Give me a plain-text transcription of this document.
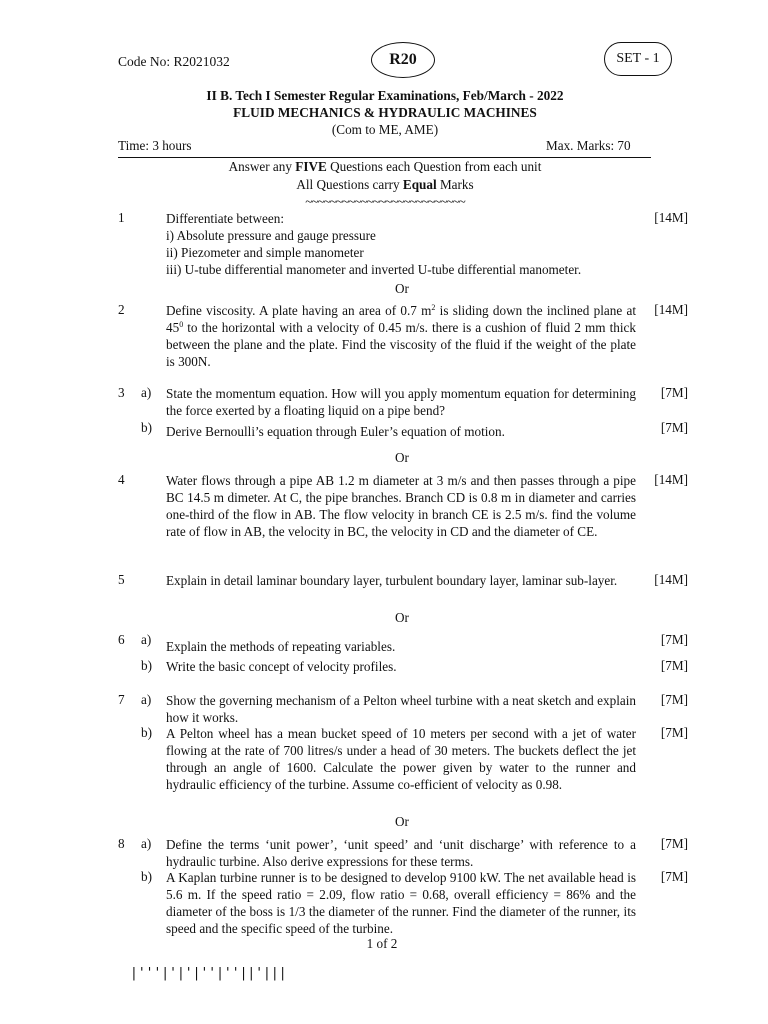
Code No: R2021032	R20	SET - 1
II B. Tech I Semester Regular Examinations, Feb/March - 2022
FLUID MECHANICS & HYDRAULIC MACHINES
(Com to ME, AME)
Time: 3 hours	Max. Marks: 70
Answer any FIVE Questions each Question from each unit
All Questions carry Equal Marks
~~~~~~~~~~~~~~~~~~~~~~~~~~
1	Differentiate between:

i) Absolute pressure and gauge pressure

ii) Piezometer and simple manometer

iii) U-tube differential manometer and inverted U-tube differential manometer.

[14M]
Or
2	Define viscosity. A plate having an area of 0.7 $m^2$ is sliding down the inclined plane at $45^0$ to the horizontal with a velocity of 0.45 m/s. there is a cushion of fluid 2 mm thick between the plane and the plate. Find the viscosity of the fluid if the weight of the plate is 300N.
[14M]
3 a) State the momentum equation. How will you apply momentum equation for determining the force exerted by a floating liquid on a pipe bend?
[7M]
b) Derive Bernoulli’s equation through Euler’s equation of motion.	[7M]
Or
4	Water flows through a pipe AB 1.2 m diameter at 3 m/s and then passes through a pipe BC 14.5 m dimeter. At C, the pipe branches. Branch CD is 0.8 m in diameter and carries one-third of the flow in AB. The flow velocity in branch CE is 2.5 m/s. find the volume rate of flow in AB, the velocity in BC, the velocity in CD and the diameter of CE.
[14M]
5	Explain in detail laminar boundary layer, turbulent boundary layer, laminar sub-layer.	[14M]
Or
6 a) Explain the methods of repeating variables.	[7M]
b) Write the basic concept of velocity profiles.	[7M]
7 a) Show the governing mechanism of a Pelton wheel turbine with a neat sketch and explain how it works.
[7M]
b) A Pelton wheel has a mean bucket speed of 10 meters per second with a jet of water flowing at the rate of 700 litres/s under a head of 30 meters. The buckets deflect the jet through an angle of 1600. Calculate the power given by water to the runner and hydraulic efficiency of the turbine. Assume co-efficient of velocity as 0.98.
[7M]
Or
8 a) Define the terms ‘unit power’, ‘unit speed’ and ‘unit discharge’ with reference to a hydraulic turbine. Also derive expressions for these terms.
[7M]
b) A Kaplan turbine runner is to be designed to develop 9100 kW. The net available head is 5.6 m. If the speed ratio = 2.09, flow ratio = 0.68, overall efficiency = 86% and the diameter of the boss is 1/3 the diameter of the runner. Find the diameter of the runner, its speed and the specific speed of the turbine.
[7M]
1 of 2
|'''|'|'|''|''||'|||
